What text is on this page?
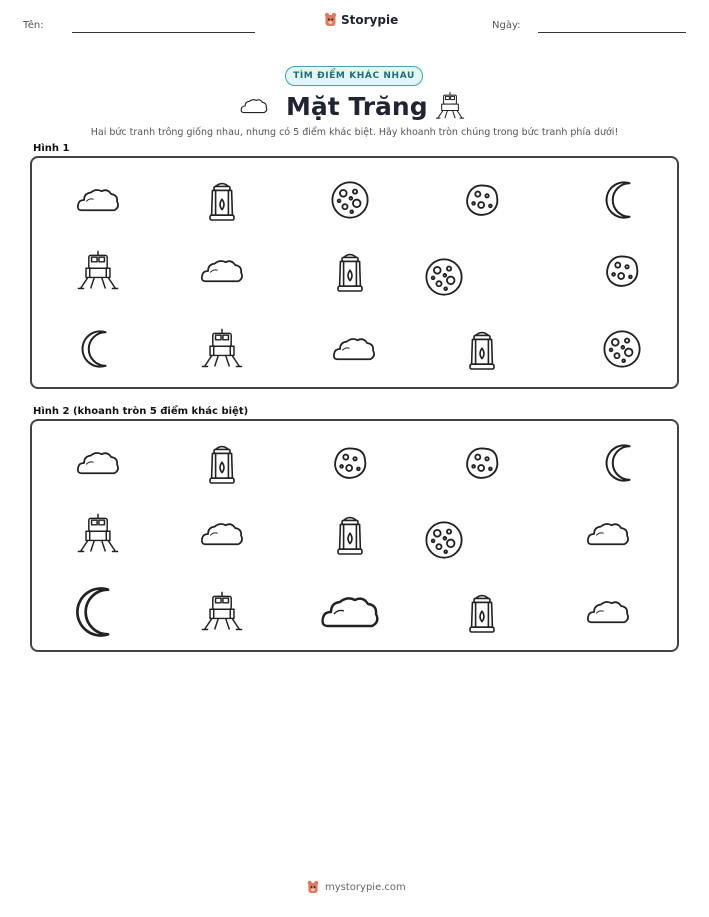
Tên:	Storypie	Ngày:
TÌM ĐIỂM KHÁC NHAU
Mặt Trăng
Hai bức tranh trông giống nhau, nhưng có 5 điểm khác biệt. Hãy khoanh tròn chúng trong bức tranh phía dưới!
Hình 1
Hình 2 (khoanh tròn 5 điểm khác biệt)
mystorypie.com
